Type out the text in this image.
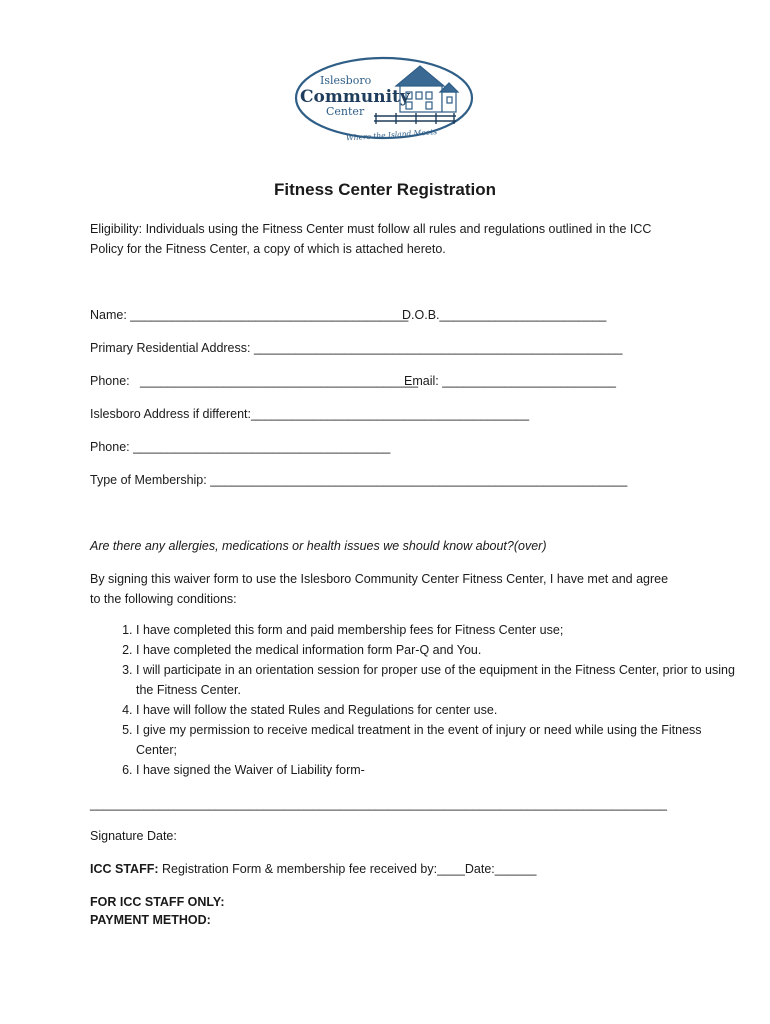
Islesboro
Community
Center
Where the Island Meets
Fitness Center Registration
Eligibility: Individuals using the Fitness Center must follow all rules and regulations outlined in the ICC Policy for the Fitness Center, a copy of which is attached hereto.
Name: ________________________________________
D.O.B.________________________
Primary Residential Address: _____________________________________________________
Phone:   ________________________________________
Email: _________________________
Islesboro Address if different:________________________________________
Phone: _____________________________________
Type of Membership: ____________________________________________________________
Are there any allergies, medications or health issues we should know about?(over)
By signing this waiver form to use the Islesboro Community Center Fitness Center, I have met and agree to the following conditions:
1. I have completed this form and paid membership fees for Fitness Center use;
2. I have completed the medical information form Par-Q and You.
3. I will participate in an orientation session for proper use of the equipment in the Fitness Center, prior to using the Fitness Center.
4. I have will follow the stated Rules and Regulations for center use.
5. I give my permission to receive medical treatment in the event of injury or need while using the Fitness Center;
6. I have signed the Waiver of Liability form-
___________________________________________________________________________________
Signature Date:
ICC STAFF: Registration Form & membership fee received by:____Date:______
FOR ICC STAFF ONLY:
PAYMENT METHOD:
